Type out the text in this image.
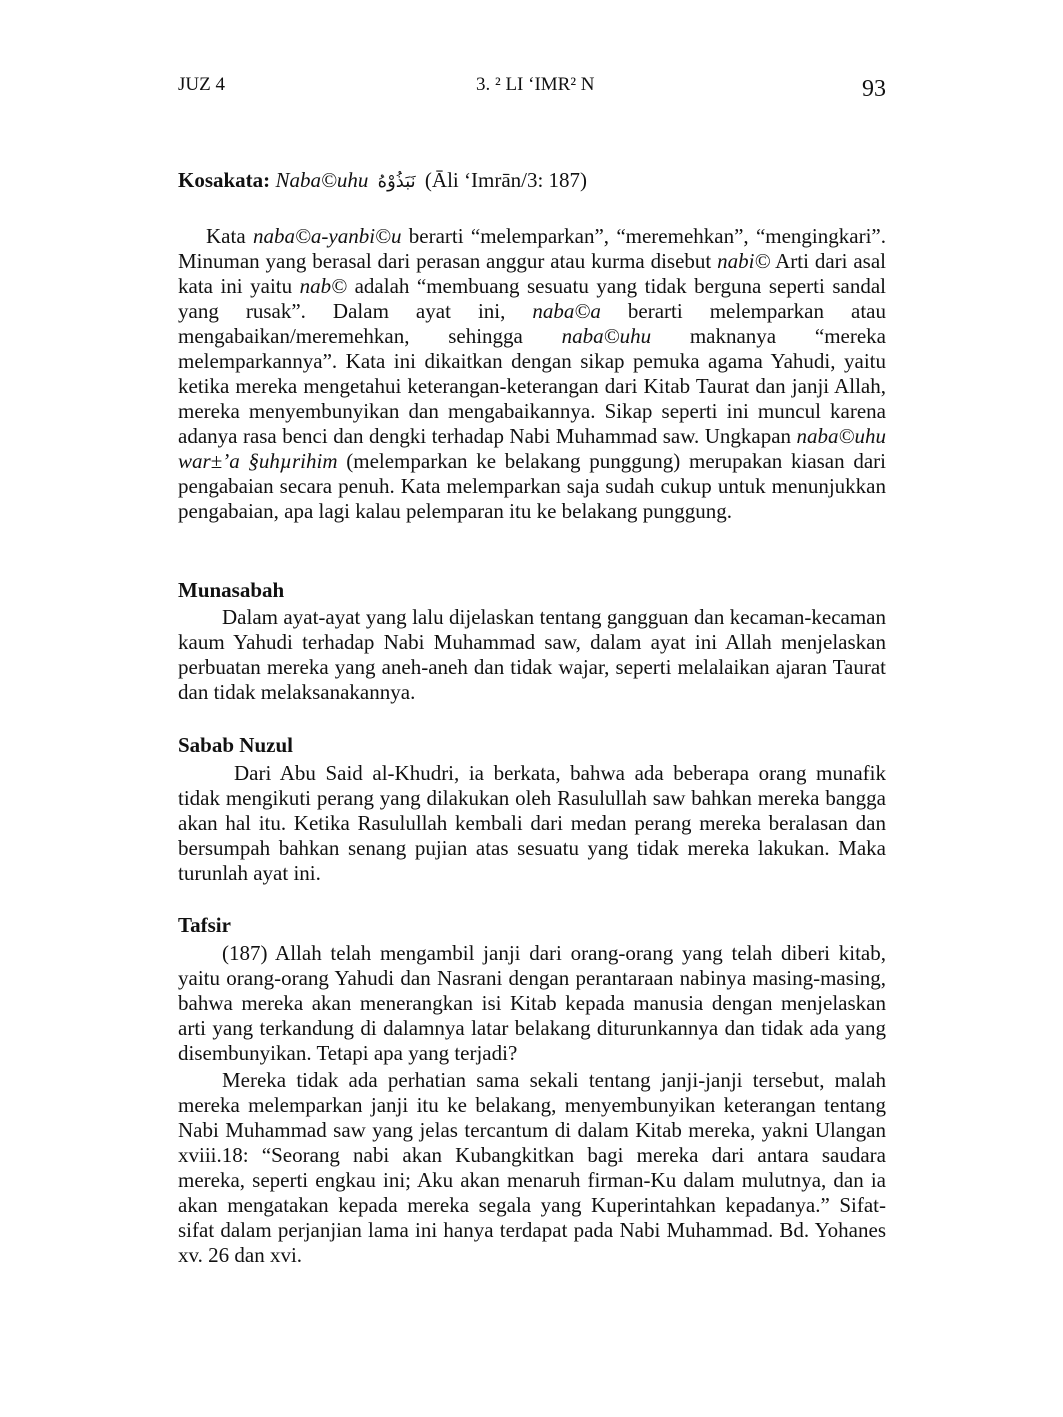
JUZ 4	3. ² LI ‘IMR² N	93
Kosakata: Naba©uhu نَبَذُوْهُ (Āli ‘Imrān/3: 187)

Kata naba©a-yanbi©u berarti “melemparkan”, “meremehkan”, “mengingkari”. Minuman yang berasal dari perasan anggur atau kurma disebut nabi© Arti dari asal kata ini yaitu nab© adalah “membuang sesuatu yang tidak berguna seperti sandal yang rusak”. Dalam ayat ini, naba©a berarti melemparkan atau mengabaikan/meremehkan, sehingga naba©uhu maknanya “mereka melemparkannya”. Kata ini dikaitkan dengan sikap pemuka agama Yahudi, yaitu ketika mereka mengetahui keterangan-keterangan dari Kitab Taurat dan janji Allah, mereka menyembunyikan dan mengabaikannya. Sikap seperti ini muncul karena adanya rasa benci dan dengki terhadap Nabi Muhammad saw. Ungkapan naba©uhu war±’a §uhµrihim (melemparkan ke belakang punggung) merupakan kiasan dari pengabaian secara penuh. Kata melemparkan saja sudah cukup untuk menunjukkan pengabaian, apa lagi kalau pelemparan itu ke belakang punggung.

Munasabah

Dalam ayat-ayat yang lalu dijelaskan tentang gangguan dan kecaman-kecaman kaum Yahudi terhadap Nabi Muhammad saw, dalam ayat ini Allah menjelaskan perbuatan mereka yang aneh-aneh dan tidak wajar, seperti melalaikan ajaran Taurat dan tidak melaksanakannya.

Sabab Nuzul

Dari Abu Said al-Khudri, ia berkata, bahwa ada beberapa orang munafik tidak mengikuti perang yang dilakukan oleh Rasulullah saw bahkan mereka bangga akan hal itu. Ketika Rasulullah kembali dari medan perang mereka beralasan dan bersumpah bahkan senang pujian atas sesuatu yang tidak mereka lakukan. Maka turunlah ayat ini.

Tafsir

(187) Allah telah mengambil janji dari orang-orang yang telah diberi kitab, yaitu orang-orang Yahudi dan Nasrani dengan perantaraan nabinya masing-masing, bahwa mereka akan menerangkan isi Kitab kepada manusia dengan menjelaskan arti yang terkandung di dalamnya latar belakang diturunkannya dan tidak ada yang disembunyikan. Tetapi apa yang terjadi?

Mereka tidak ada perhatian sama sekali tentang janji-janji tersebut, malah mereka melemparkan janji itu ke belakang, menyembunyikan keterangan tentang Nabi Muhammad saw yang jelas tercantum di dalam Kitab mereka, yakni Ulangan xviii.18: “Seorang nabi akan Kubangkitkan bagi mereka dari antara saudara mereka, seperti engkau ini; Aku akan menaruh firman-Ku dalam mulutnya, dan ia akan mengatakan kepada mereka segala yang Kuperintahkan kepadanya.” Sifat-sifat dalam perjanjian lama ini hanya terdapat pada Nabi Muhammad. Bd. Yohanes xv. 26 dan xvi.
